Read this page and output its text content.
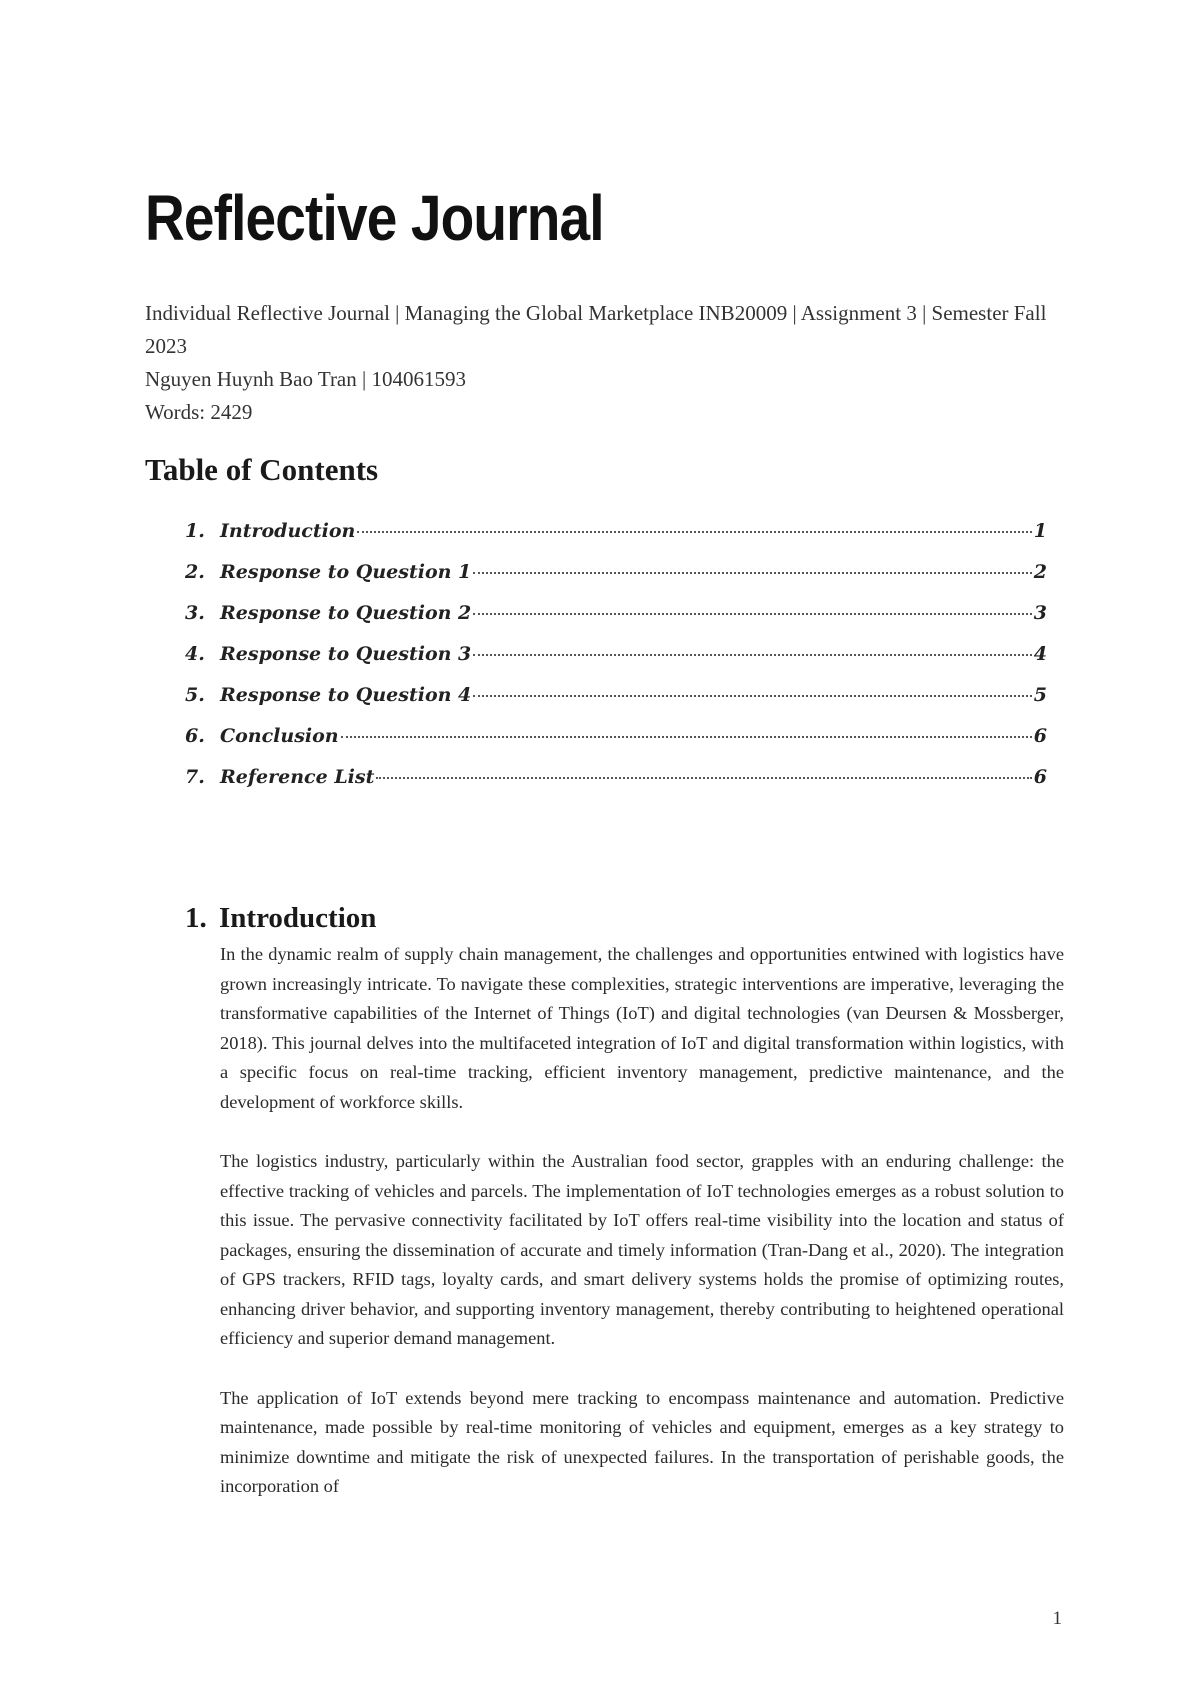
Reflective Journal
Individual Reflective Journal | Managing the Global Marketplace INB20009 | Assignment 3 | Semester Fall 2023
Nguyen Huynh Bao Tran | 104061593
Words: 2429
Table of Contents
1. Introduction	1
2. Response to Question 1	2
3. Response to Question 2	3
4. Response to Question 3	4
5. Response to Question 4	5
6. Conclusion	6
7. Reference List	6
1. Introduction

In the dynamic realm of supply chain management, the challenges and opportunities entwined with logistics have grown increasingly intricate. To navigate these complexities, strategic interventions are imperative, leveraging the transformative capabilities of the Internet of Things (IoT) and digital technologies (van Deursen & Mossberger, 2018). This journal delves into the multifaceted integration of IoT and digital transformation within logistics, with a specific focus on real-time tracking, efficient inventory management, predictive maintenance, and the development of workforce skills.

The logistics industry, particularly within the Australian food sector, grapples with an enduring challenge: the effective tracking of vehicles and parcels. The implementation of IoT technologies emerges as a robust solution to this issue. The pervasive connectivity facilitated by IoT offers real-time visibility into the location and status of packages, ensuring the dissemination of accurate and timely information (Tran-Dang et al., 2020). The integration of GPS trackers, RFID tags, loyalty cards, and smart delivery systems holds the promise of optimizing routes, enhancing driver behavior, and supporting inventory management, thereby contributing to heightened operational efficiency and superior demand management.

The application of IoT extends beyond mere tracking to encompass maintenance and automation. Predictive maintenance, made possible by real-time monitoring of vehicles and equipment, emerges as a key strategy to minimize downtime and mitigate the risk of unexpected failures. In the transportation of perishable goods, the incorporation of

1
